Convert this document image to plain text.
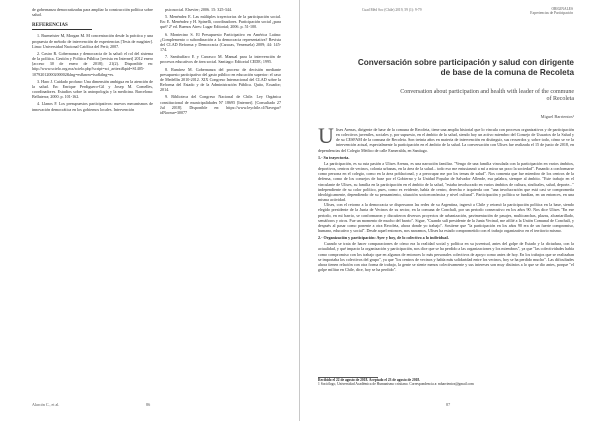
de gobernanza democratizadas para ampliar la construcción política sobre salud.
REFERENCIAS
1. Burmeister M, Morgan M. M concentración desde la práctica y una propuesta de método de intervención de experiencias [Tesis de magíster]. Lima: Universidad Nacional Católica del Perú; 2007.
2. Castro R. Gobernanza y democracia de la salud: el rol del sistema de la política. Gestión y Política Pública [revista en Internet] 2012 enero [acceso 30 de enero de 2018]; 21(2). Disponible en: http://www.scielo.org.mx/scielo.php?script=sci_arttext&pid=S1405-10792012000200002&lng=es&nrm=iso&tlng=es.
3. Haro J. Cuidado profano: Una dimensión ambigua en la atención de la salud. En: Enrique Perdiguero-Gil y Josep M. Comelles, coordinadores. Estudios sobre la antropología y la medicina. Barcelona: Bellaterra; 2000. p. 101-162.
4. Llanos F. Los presupuestos participativos: nuevos mecanismos de innovación democrática en los gobiernos locales. Intervención
psicosocial. Elsevier; 2006. 15: 325-344.
5. Menéndez E. Las múltiples trayectorias de la participación social. En: E. Menéndez y H. Spinelli, coordinadores. Participación social ¿para qué? 2ª ed. Buenos Aires: Lugar Editorial; 2006. p. 51-100.
6. Montecino S. El Presupuesto Participativo en América Latina: ¿Complemento o subordinación a la democracia representativa? Revista del CLAD Reforma y Democracia (Caracas, Venezuela) 2009; 44: 145-174.
7. Sambuffaro E y Carrasco M. Manual para la intervención de procesos educativos de área social. Santiago: Editorial CEDE; 1995.
8. Ramírez M. Gobernanza del proceso de decisión mediante presupuesto participativo del gasto público en educación superior: el caso de Medellín 2010-2012. XIX Congreso Internacional del CLAD sobre la Reforma del Estado y de la Administración Pública. Quito, Ecuador; 2014.
9. Biblioteca del Congreso Nacional de Chile. Ley Orgánica constitucional de municipalidades Nº 18695 [Internet]. [Consultado 27 Jul 2018]. Disponible en: https://www.leychile.cl/Navegar?idNorma=30077
Alarcón C., et al.	86
Cuad Méd Soc (Chile) 2019, 59 (1): 9-79	ORIGINALES
Experiencias de Participación
Conversación sobre participación y salud con dirigente de base de la comuna de Recoleta
Conversation about participation and health with leader of the commune of Recoleta
Miguel Barrientos¹
U lises Arenas, dirigente de base de la comuna de Recoleta, tiene una amplia historial que lo vincula con procesos organizativos y de participación en colectivos juveniles, sociales y, por supuesto, en el ámbito de la salud, siendo hoy un activo miembro del Consejo de Usuarios de la Salud y de su CESFAM de la comuna de Recoleta. Son treinta años en materia de intervención en distinguir, sus recuerdos y, sobre todo, cómo se ve la intervención actual, especialmente la participación en el ámbito de la salud. La conversación con Ulises fue realizada el 15 de junio de 2018, en dependencias del Colegio Médico de calle Esmeralda, en Santiago.
1.- Su trayectoria.
La participación, es su ruta pasión a Ulises Arenas, es una narración familiar. "Vengo de una familia vinculada con la participación en varios ámbitos, deportivos, centros de vecinos, colonia urbanas, en la área de la salud... todo eso me entusiasmó a mí a mirar un poco la sociedad". Pasando a conformarse como persona en el colegio, como en la área poblacional, y a preocupar me por los temas de salud". Nos comenta que fue miembro de los centros de la defensa, como de los consejos de base por el Gobierno y la Unidad Popular de Salvador Allende, esa palabra, siempre al ámbito. "Este trabajo en el vinculante de Ulises, su familia en la participación en el ámbito de la salud, "estaba involucrado en varios ámbitos de cultura, sindicales, salud, deporte..." independiente de su color político, pues, como es evidente, había de centro, derecha e izquierda con "una involucración que está casi se comprometía ideológicamente, dependiendo de su pensamiento, situación socioeconómica y nivel cultural". Participación y política se fundían, en un entonces, en una misma actividad.
Ulises, con el retorno a la democracia se dispersaron las redes de su Argentina, ingresó a Chile y retomó la participación política en la base, siendo elegido presidente de la Junta de Vecinos de su sector, en la comuna de Conchalí, por un periodo consecutivo en los años 90. Nos dice Ulises "En ese periodo, en mi barrio, se conformaron y discutieron diversos proyectos de urbanización, pavimentación de pasajes, multicanchas, plazas, alcantarillado, semáforos y otros. Fue un momento de mucho del barrio". Sigue, "Cuando salí presidente de la Junta Vecinal, me afilié a la Unión Comunal de Conchalí, y después al pasar como ponente a otra Recoleta, ahora donde yo trabajo". Sostiene que "la participación en los años 90 era de un fuerte compromiso, humano, educativo y social". Desde aquel entonces, nos narramos, Ulises ha estado comprometido con el trabajo organizativo en el territorio mismo.
2.- Organización y participación: Ayer y hoy, de lo colectivo a lo individual.
Cuando se trata de hacer comparaciones de cómo era la realidad social y política en su juventud, antes del golpe de Estado y la dictadura, con la actualidad, y qué impacto la organización y participación, nos dice que se ha perdido a las organizaciones y los miembros", ya que "las colectividades había como compromiso con los trabajo que en algunos de entonces lo más personales colectivos de apoyo como antes de hoy. En los trabajos que se realizaban se importaba los colectivos del grupo", ya que "los centros de vecinos y había más solidaridad entre los vecinos, hoy se ha perdido mucho". Las dificultades ahora tienen relación con otra forma de trabajo, la gente se siente menos colectivamente y sus intereses son muy distintos a lo que se dio antes, porque "el golpe militar en Chile, dice, hoy se ha perdido".
Recibido el 22 de agosto de 2018. Aceptado el 23 de agosto de 2018.
1 Sociólogo, Universidad Académica de Humanismo cristiano. Correspondencia a: mbarrientos@gmail.com
87
